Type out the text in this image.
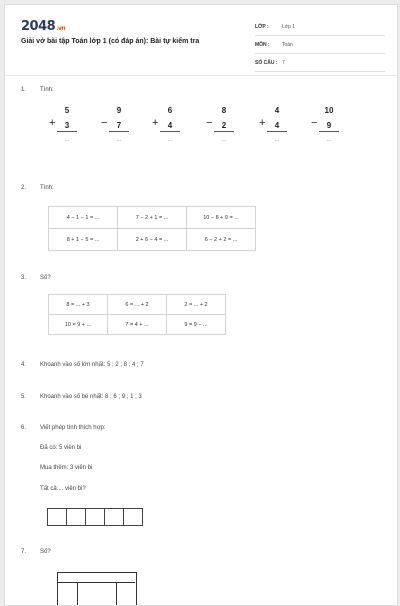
2048.vn
Giải vở bài tập Toán lớp 1 (có đáp án): Bài tự kiểm tra
LỚP :	Lớp 1
MÔN :	Toán
SỐ CÂU : 7
1. Tính:
+
5
3
...
−
9
7
...
+
6
4
...
−
8
2
...
+
4
4
...
−
10
9
...
2. Tính:
4 − 1 − 1 = ...	7 − 2 + 1 = ...	10 − 8 + 0 = ...
8 + 1 − 5 = ...	2 + 6 − 4 = ...	6 − 2 + 2 = ...
3. Số?
8 = ... + 3	6 = ... + 2	2 = ... + 2
10 = 9 + ...	7 = 4 + ...	9 = 9 − ...
4. Khoanh vào số lớn nhất: 5 ; 2 ; 8 ; 4 ; 7
5. Khoanh vào số bé nhất: 8 ; 6 ; 9 ; 1 ; 3
6. Viết phép tính thích hợp:
Đã có: 5 viên bi
Mua thêm: 3 viên bi
Tất cả:... viên bi?
7. Số?
